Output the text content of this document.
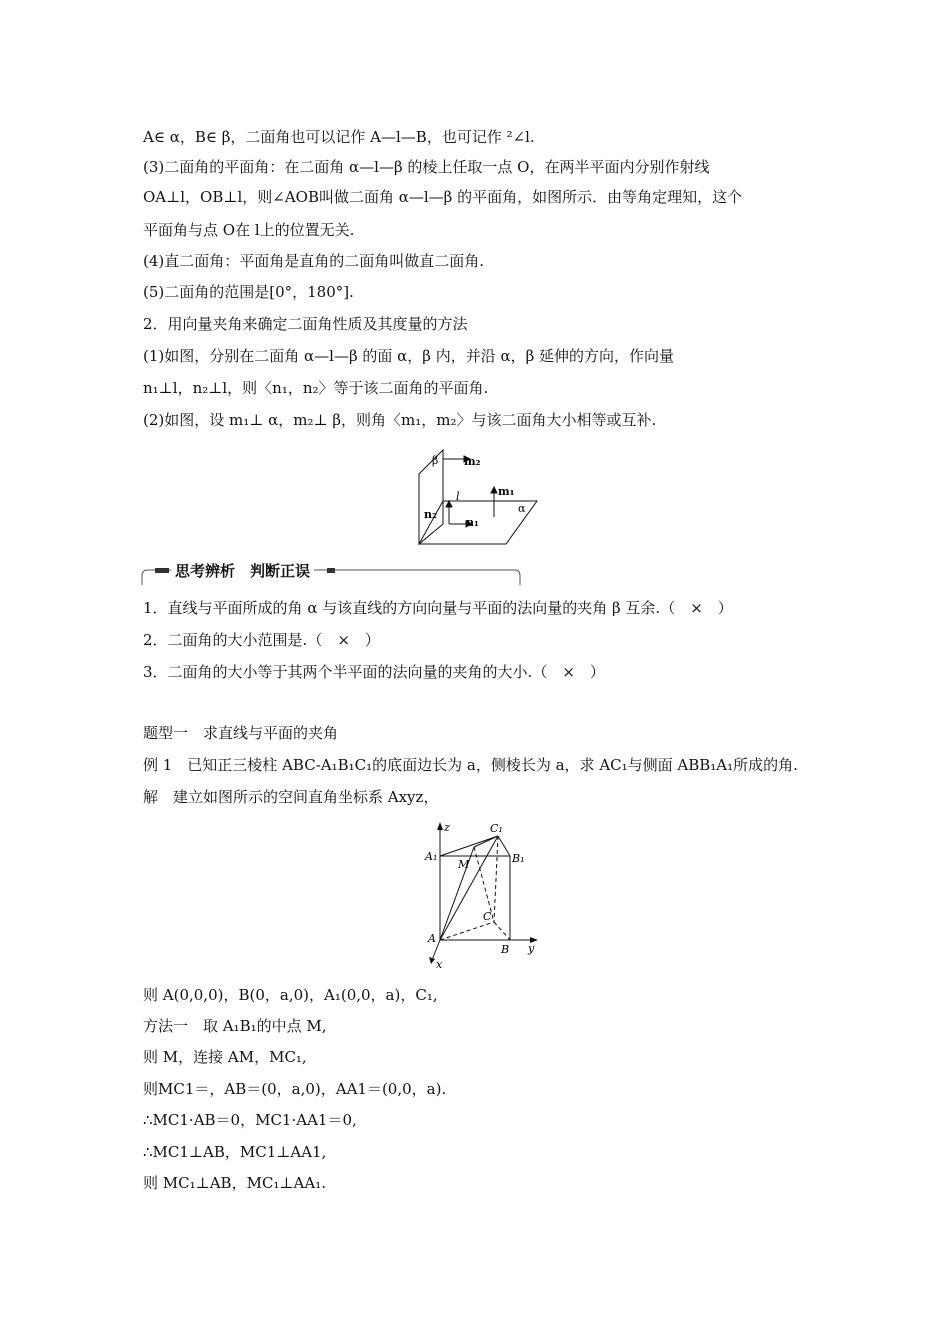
A∈ α，B∈ β，二面角也可以记作 A—l—B，也可记作 ²∠l.
(3)二面角的平面角：在二面角 α—l—β 的棱上任取一点 O，在两半平面内分别作射线
OA⊥l，OB⊥l，则∠AOB叫做二面角 α—l—β 的平面角，如图所示．由等角定理知，这个
平面角与点 O在 l上的位置无关.
(4)直二面角：平面角是直角的二面角叫做直二面角.
(5)二面角的范围是[0°，180°].
2．用向量夹角来确定二面角性质及其度量的方法
(1)如图，分别在二面角 α—l—β 的面 α，β 内，并沿 α，β 延伸的方向，作向量
n₁⊥l，n₂⊥l，则〈n₁，n₂〉等于该二面角的平面角.
(2)如图，设 m₁⊥ α，m₂⊥ β，则角〈m₁，m₂〉与该二面角大小相等或互补.
β m₂
l	m₁
α
n₂
n₁
思考辨析　判断正误
1．直线与平面所成的角 α 与该直线的方向向量与平面的法向量的夹角 β 互余.（　×　）
2．二面角的大小范围是.（　×　）
3．二面角的大小等于其两个半平面的法向量的夹角的大小.（　×　）
题型一　求直线与平面的夹角
例 1　已知正三棱柱 ABC-A₁B₁C₁的底面边长为 a，侧棱长为 a，求 AC₁与侧面 ABB₁A₁所成的角.
解　建立如图所示的空间直角坐标系 Axyz，
z	C₁
A₁	B₁
M
C
A
B y
x
则 A(0,0,0)，B(0，a,0)，A₁(0,0，a)，C₁,
方法一　取 A₁B₁的中点 M,
则 M，连接 AM，MC₁,
则MC1＝，AB＝(0，a,0)，AA1＝(0,0，a).
∴MC1·AB＝0，MC1·AA1＝0,
∴MC1⊥AB，MC1⊥AA1,
则 MC₁⊥AB，MC₁⊥AA₁.
